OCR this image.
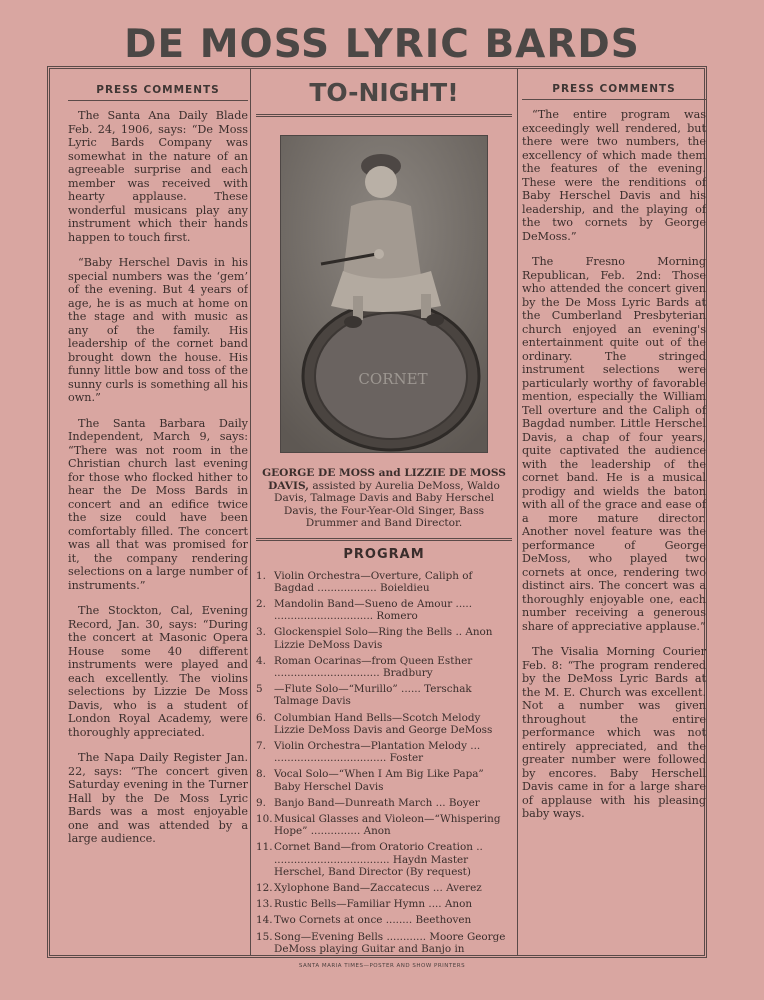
DE MOSS LYRIC BARDS
PRESS COMMENTS

The Santa Ana Daily Blade Feb. 24, 1906, says: “De Moss Lyric Bards Company was somewhat in the nature of an agreeable surprise and each member was received with hearty applause. These wonderful musicans play any instrument which their hands happen to touch first.

“Baby Herschel Davis in his special numbers was the ‘gem’ of the evening. But 4 years of age, he is as much at home on the stage and with music as any of the family. His leadership of the cornet band brought down the house. His funny little bow and toss of the sunny curls is something all his own.”

The Santa Barbara Daily Independent, March 9, says: “There was not room in the Christian church last evening for those who flocked hither to hear the De Moss Bards in concert and an edifice twice the size could have been comfortably filled. The concert was all that was promised for it, the company rendering selections on a large number of instruments.”

The Stockton, Cal, Evening Record, Jan. 30, says: “During the concert at Masonic Opera House some 40 different instruments were played and each excellently. The violins selections by Lizzie De Moss Davis, who is a student of London Royal Academy, were thoroughly appreciated.

The Napa Daily Register Jan. 22, says: “The concert given Saturday evening in the Turner Hall by the De Moss Lyric Bards was a most enjoyable one and was attended by a large audience.

TO-NIGHT!
CORNET
GEORGE DE MOSS and LIZZIE DE MOSS DAVIS, assisted by Aurelia DeMoss, Waldo Davis, Talmage Davis and Baby Herschel Davis, the Four-Year-Old Singer, Bass Drummer and Band Director.
PROGRAM
1. Violin Orchestra—Overture, Caliph of Bagdad .................. Boieldieu
2. Mandolin Band—Sueno de Amour ..... .............................. Romero
3. Glockenspiel Solo—Ring the Bells .. Anon Lizzie DeMoss Davis
4. Roman Ocarinas—from Queen Esther ................................ Bradbury
5	—Flute Solo—“Murillo” ...... Terschak Talmage Davis
6. Columbian Hand Bells—Scotch Melody Lizzie DeMoss Davis and George DeMoss
7. Violin Orchestra—Plantation Melody ... .................................. Foster
8. Vocal Solo—“When I Am Big Like Papa” Baby Herschel Davis
9. Banjo Band—Dunreath March ... Boyer
10. Musical Glasses and Violeon—“Whispering Hope” ............... Anon
11. Cornet Band—from Oratorio Creation .. ................................... Haydn Master Herschel, Band Director (By request)
12. Xylophone Band—Zaccatecus ... Averez
13. Rustic Bells—Familiar Hymn .... Anon
14. Two Cornets at once ........ Beethoven
15. Song—Evening Bells ............ Moore George DeMoss playing Guitar and Banjo in
PRESS COMMENTS

“The entire program was exceedingly well rendered, but there were two numbers, the excellency of which made them the features of the evening. These were the renditions of Baby Herschel Davis and his leadership, and the playing of the two cornets by George DeMoss.”

The Fresno Morning Republican, Feb. 2nd: Those who attended the concert given by the De Moss Lyric Bards at the Cumberland Presbyterian church enjoyed an evening's entertainment quite out of the ordinary. The stringed instrument selections were particularly worthy of favorable mention, especially the William Tell overture and the Caliph of Bagdad number. Little Herschel Davis, a chap of four years, quite captivated the audience with the leadership of the cornet band. He is a musical prodigy and wields the baton with all of the grace and ease of a more mature director. Another novel feature was the performance of George DeMoss, who played two cornets at once, rendering two distinct airs. The concert was a thoroughly enjoyable one, each number receiving a generous share of appreciative applause.”

The Visalia Morning Courier Feb. 8: “The program rendered by the DeMoss Lyric Bards at the M. E. Church was excellent. Not a number was given throughout the entire performance which was not entirely appreciated, and the greater number were followed by encores. Baby Herschell Davis came in for a large share of applause with his pleasing baby ways.

SANTA MARIA TIMES—POSTER AND SHOW PRINTERS
